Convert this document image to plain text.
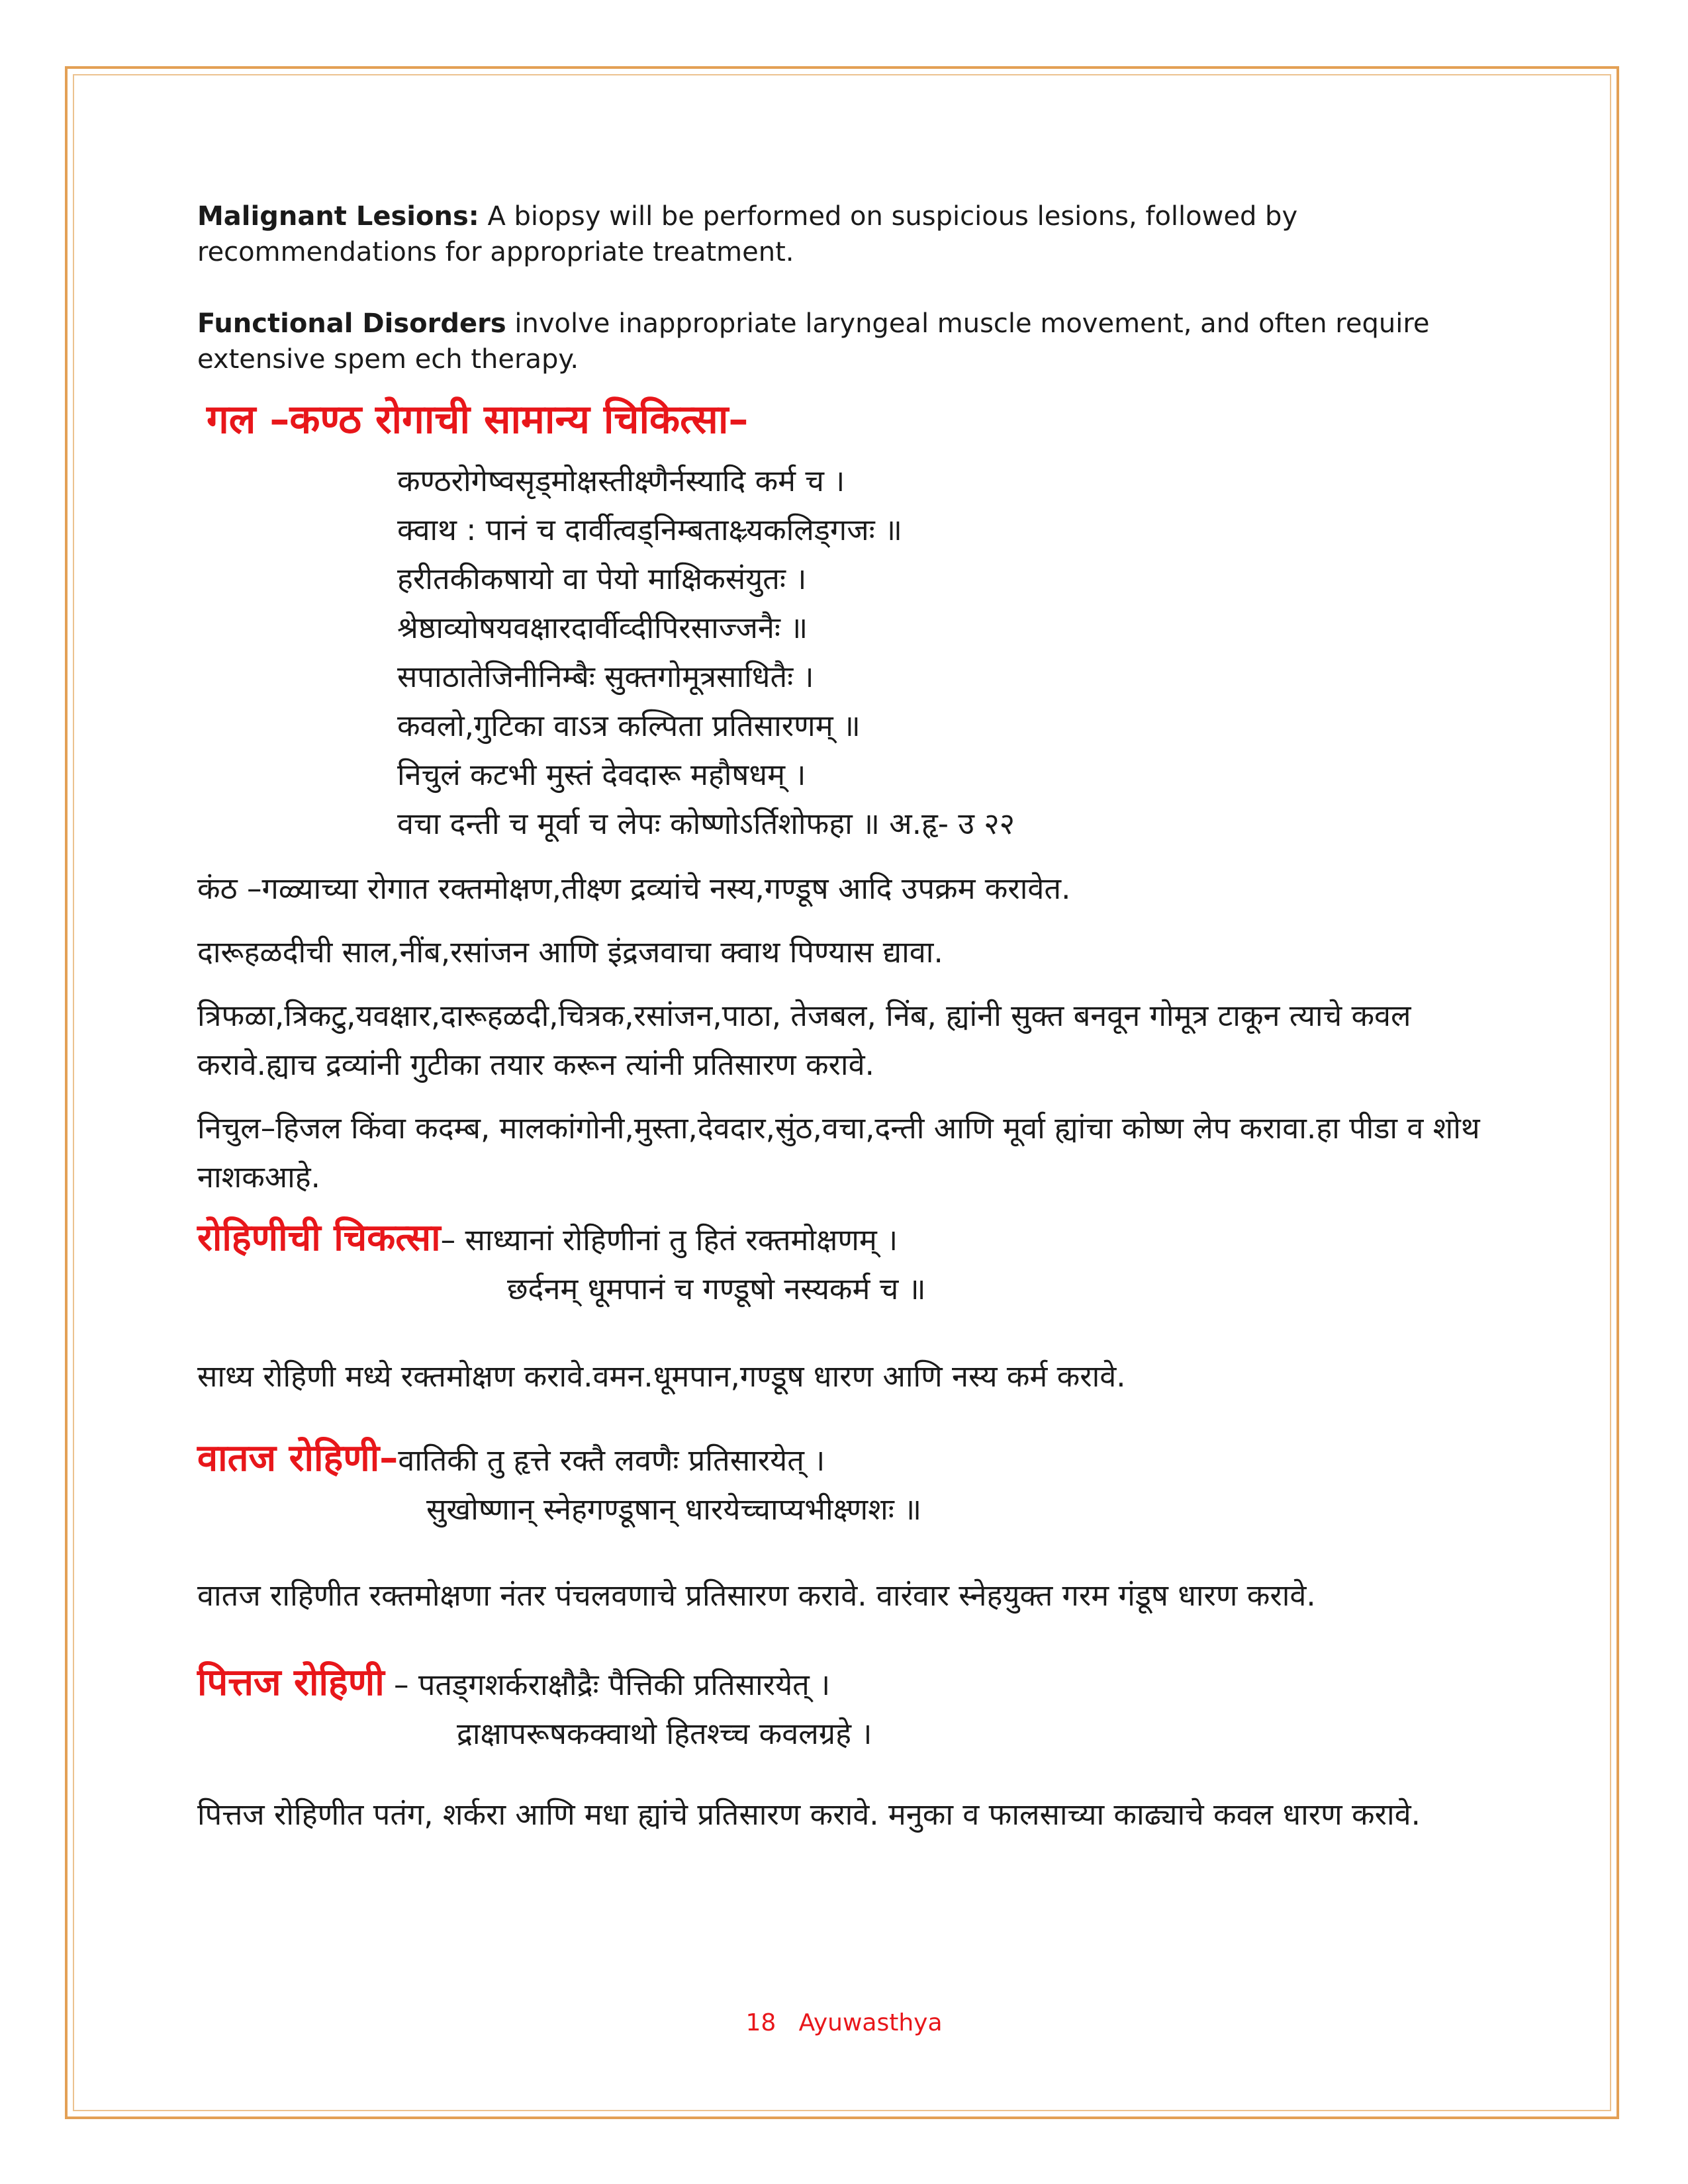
Malignant Lesions: A biopsy will be performed on suspicious lesions, followed by recommendations for appropriate treatment.

Functional Disorders involve inappropriate laryngeal muscle movement, and often require extensive spem ech therapy.

गल –कण्ठ रोगाची सामान्य चिकित्सा–
कण्ठरोगेष्वसृड्मोक्षस्तीक्ष्णैर्नस्यादि कर्म च ।
क्वाथ : पानं च दार्वीत्वड्निम्बताक्ष्र्यकलिड्गजः ॥
हरीतकीकषायो वा पेयो माक्षिकसंयुतः ।
श्रेष्ठाव्योषयवक्षारदार्वीव्दीपिरसाज्जनैः ॥
सपाठातेजिनीनिम्बैः सुक्तगोमूत्रसाधितैः ।
कवलो,गुटिका वाऽत्र कल्पिता प्रतिसारणम् ॥
निचुलं कटभी मुस्तं देवदारू महौषधम् ।
वचा दन्ती च मूर्वा च लेपः कोष्णोऽर्तिशोफहा ॥ अ.हृ- उ २२

कंठ –गळ्याच्या रोगात रक्तमोक्षण,तीक्ष्ण द्रव्यांचे नस्य,गण्डूष आदि उपक्रम करावेत.

दारूहळदीची साल,नींब,रसांजन आणि इंद्रजवाचा क्वाथ पिण्यास द्यावा.

त्रिफळा,त्रिकटु,यवक्षार,दारूहळदी,चित्रक,रसांजन,पाठा, तेजबल, निंब, ह्यांनी सुक्त बनवून गोमूत्र टाकून त्याचे कवल करावे.ह्याच द्रव्यांनी गुटीका तयार करून त्यांनी प्रतिसारण करावे.

निचुल–हिजल किंवा कदम्ब, मालकांगोनी,मुस्ता,देवदार,सुंठ,वचा,दन्ती आणि मूर्वा ह्यांचा कोष्ण लेप करावा.हा पीडा व शोथ नाशकआहे.

रोहिणीची चिकत्सा– साध्यानां रोहिणीनां तु हितं रक्तमोक्षणम् ।
छर्दनम् धूमपानं च गण्डूषो नस्यकर्म च ॥

साध्य रोहिणी मध्ये रक्तमोक्षण करावे.वमन.धूमपान,गण्डूष धारण आणि नस्य कर्म करावे.

वातज रोहिणी–वातिकी तु हृत्ते रक्तै लवणैः प्रतिसारयेत् ।
सुखोष्णान् स्नेहगण्डूषान् धारयेच्चाप्यभीक्ष्णशः ॥

वातज राहिणीत रक्तमोक्षणा नंतर पंचलवणाचे प्रतिसारण करावे. वारंवार स्नेहयुक्त गरम गंडूष धारण करावे.

पित्तज रोहिणी – पतड्गशर्कराक्षौद्रैः पैत्तिकी प्रतिसारयेत् ।
द्राक्षापरूषकक्वाथो हितश्च्च कवलग्रहे ।

पित्तज रोहिणीत पतंग, शर्करा आणि मधा ह्यांचे प्रतिसारण करावे. मनुका व फालसाच्या काढ्याचे कवल धारण करावे.

18 Ayuwasthya
